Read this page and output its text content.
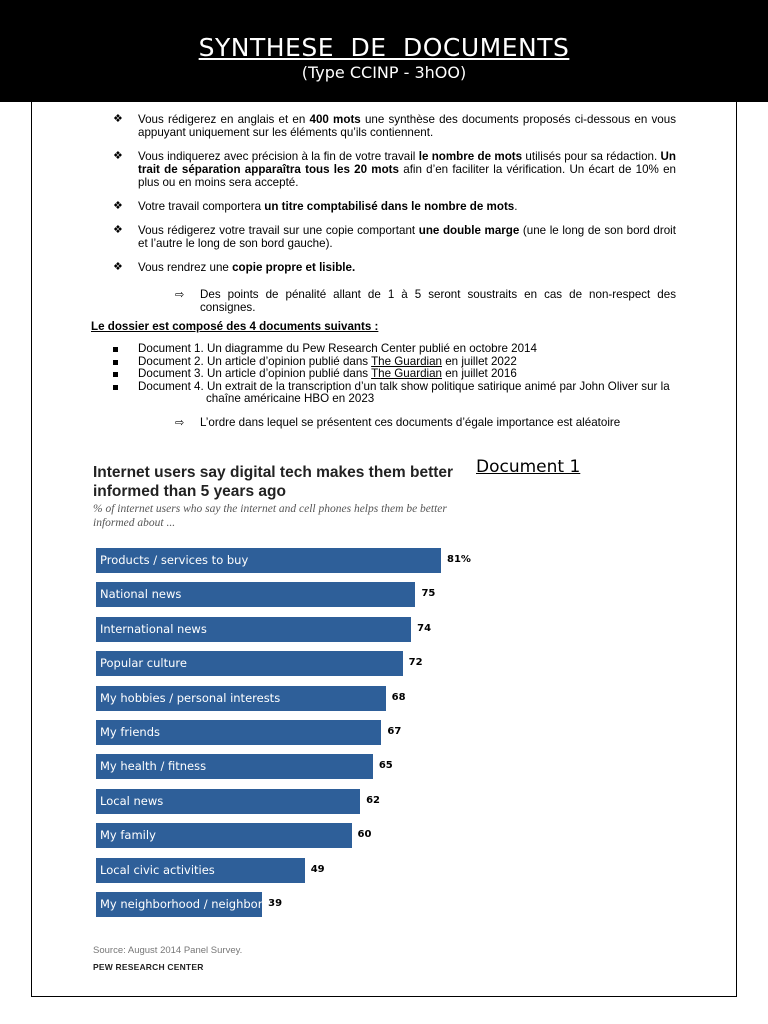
SYNTHESE DE DOCUMENTS
(Type CCINP - 3hOO)
❖ Vous rédigerez en anglais et en 400 mots une synthèse des documents proposés ci-dessous en vous appuyant uniquement sur les éléments qu’ils contiennent.
❖ Vous indiquerez avec précision à la fin de votre travail le nombre de mots utilisés pour sa rédaction. Un trait de séparation apparaîtra tous les 20 mots afin d’en faciliter la vérification. Un écart de 10% en plus ou en moins sera accepté.
❖ Votre travail comportera un titre comptabilisé dans le nombre de mots.
❖ Vous rédigerez votre travail sur une copie comportant une double marge (une le long de son bord droit et l’autre le long de son bord gauche).
❖ Vous rendrez une copie propre et lisible.
⇨ Des points de pénalité allant de 1 à 5 seront soustraits en cas de non-respect des consignes.
Le dossier est composé des 4 documents suivants :
Document 1. Un diagramme du Pew Research Center publié en octobre 2014
Document 2. Un article d’opinion publié dans The Guardian en juillet 2022
Document 3. Un article d’opinion publié dans The Guardian en juillet 2016
Document 4. Un extrait de la transcription d’un talk show politique satirique animé par John Oliver sur la
chaîne américaine HBO en 2023
⇨ L’ordre dans lequel se présentent ces documents d’égale importance est aléatoire
Internet users say digital tech makes them better informed than 5 years ago
% of internet users who say the internet and cell phones helps them be better informed about ...
Document 1
Products / services to buy	81%
National news	75
International news	74
Popular culture	72
My hobbies / personal interests	68
My friends	67
My health / fitness	65
Local news	62
My family	60
Local civic activities	49
My neighborhood / neighbors 39
Source: August 2014 Panel Survey.
PEW RESEARCH CENTER
